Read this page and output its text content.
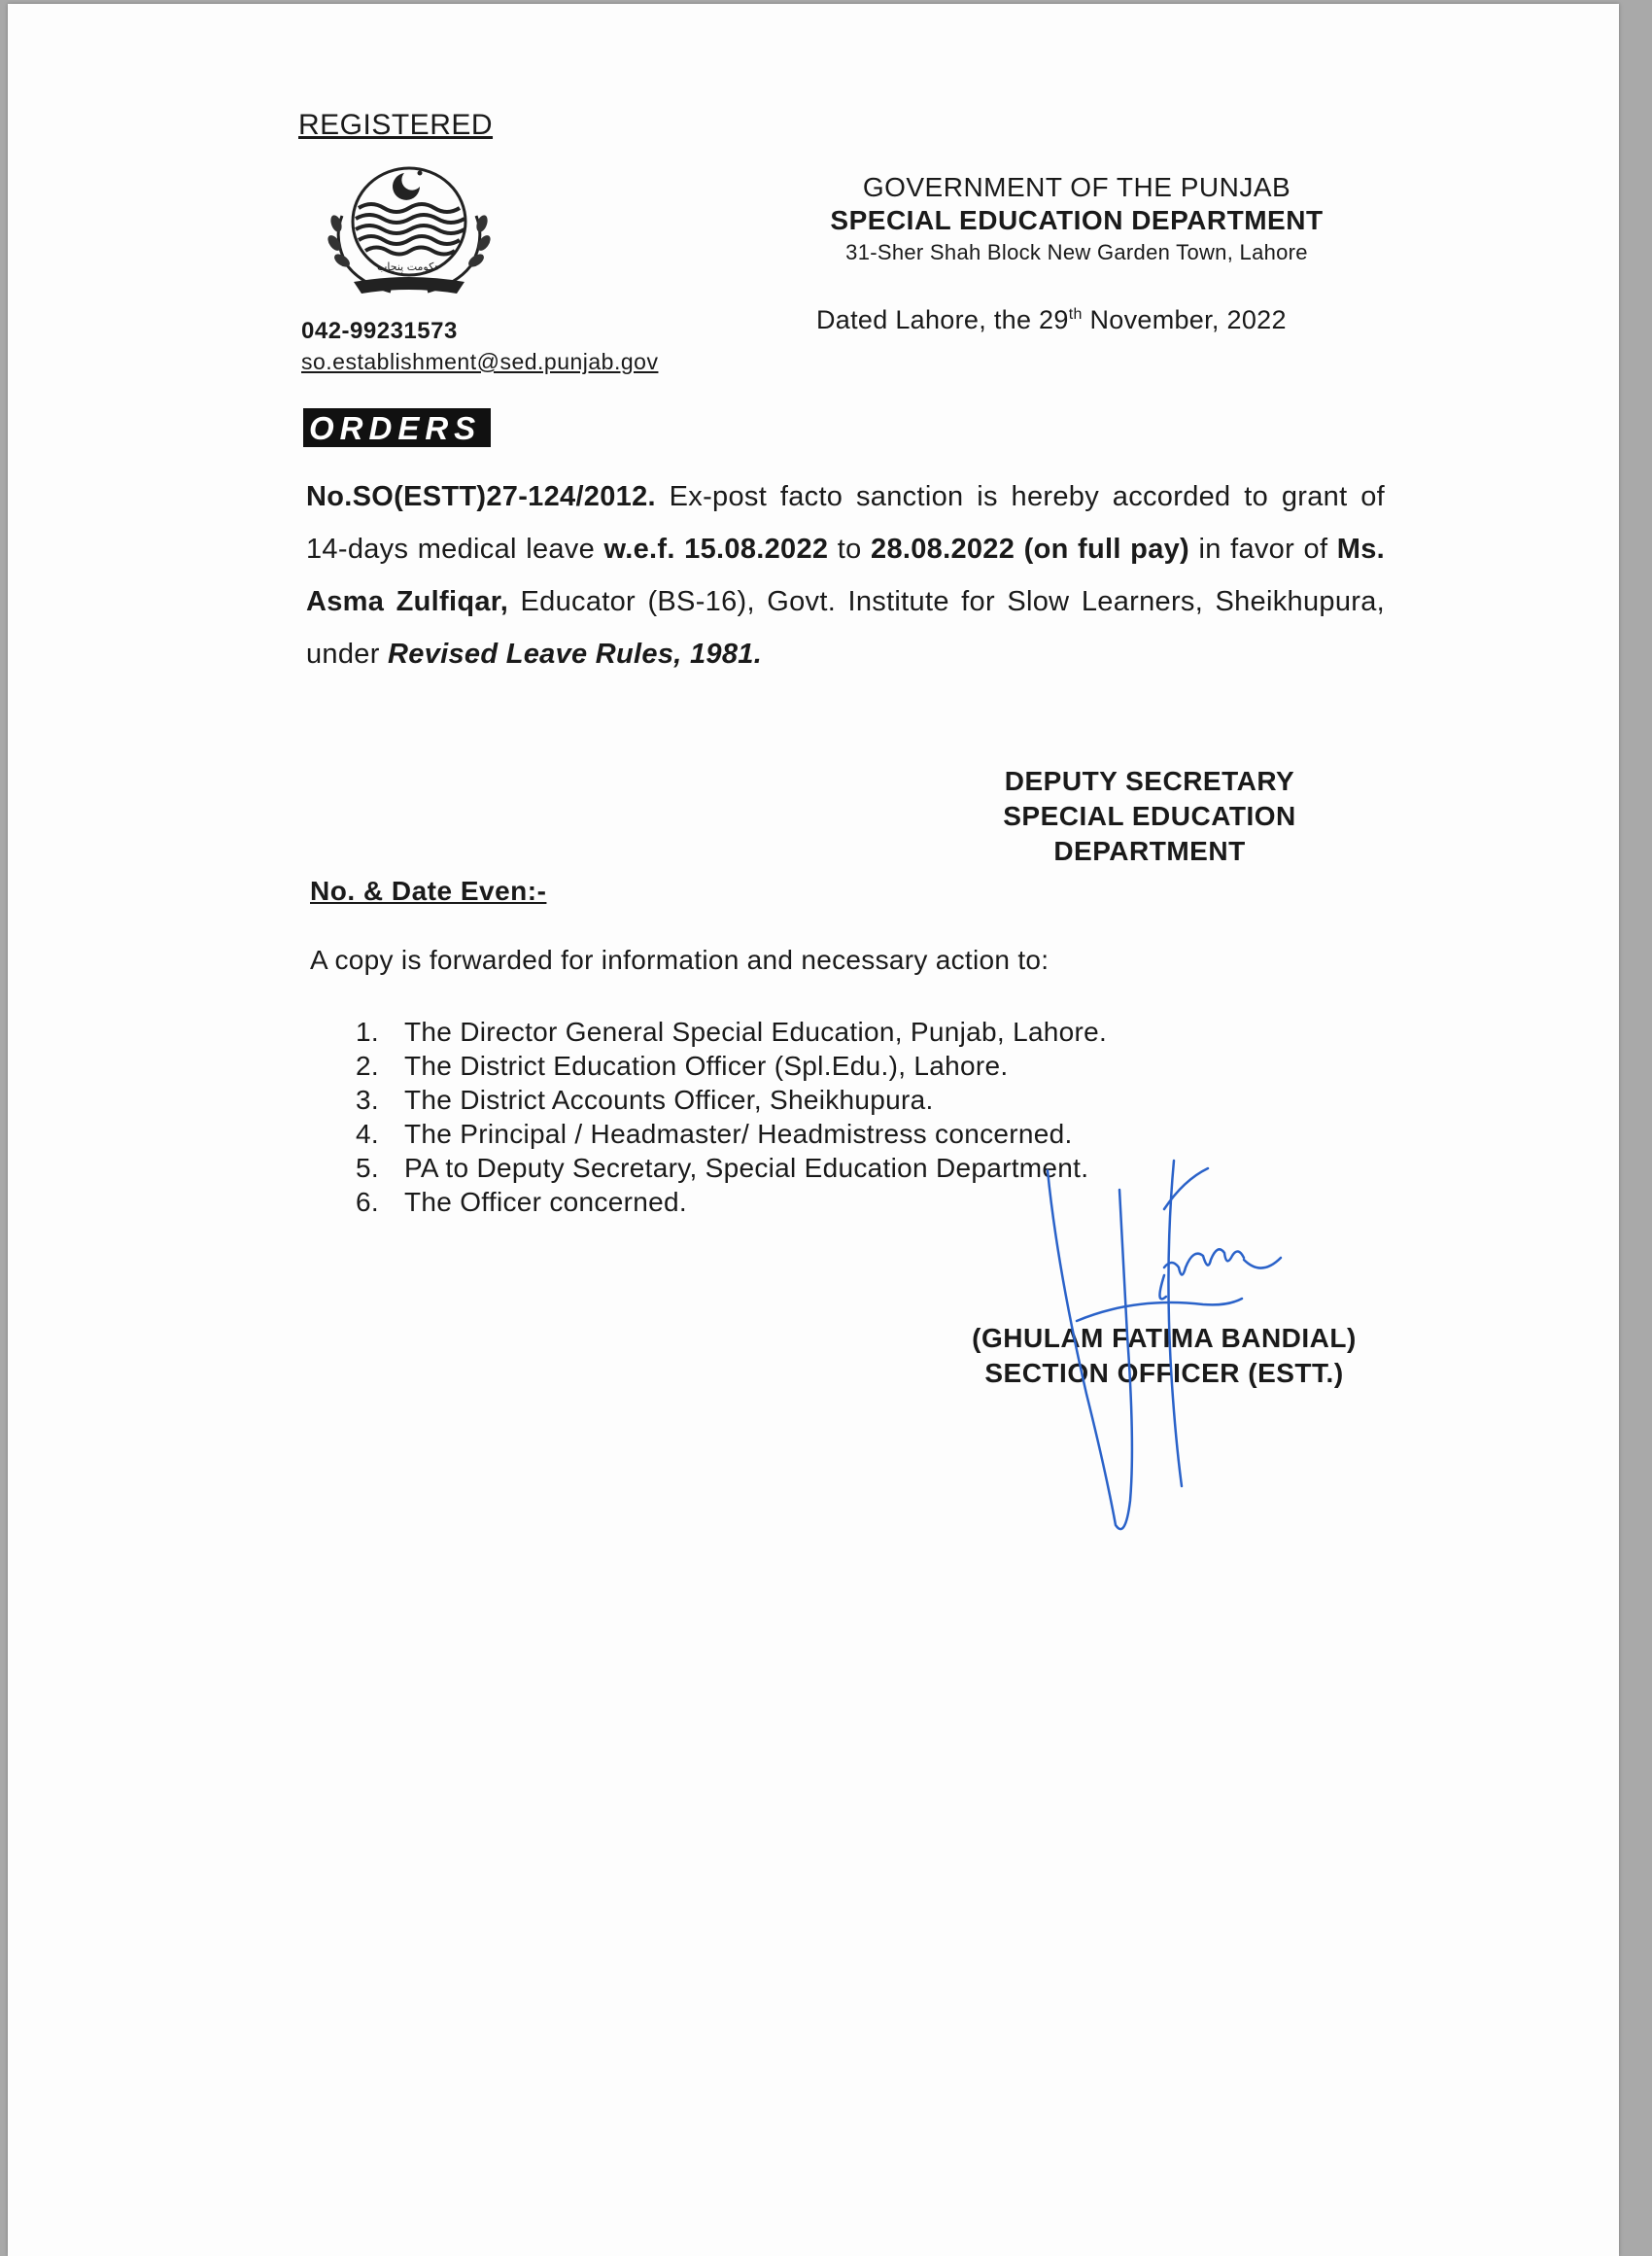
REGISTERED
حکومت پنجاب
042-99231573
so.establishment@sed.punjab.gov
GOVERNMENT OF THE PUNJAB
SPECIAL EDUCATION DEPARTMENT
31-Sher Shah Block New Garden Town, Lahore
Dated Lahore, the 29th November, 2022
ORDERS
No.SO(ESTT)27-124/2012. Ex-post facto sanction is hereby accorded to grant of 14-days medical leave w.e.f. 15.08.2022 to 28.08.2022 (on full pay) in favor of Ms. Asma Zulfiqar, Educator (BS-16), Govt. Institute for Slow Learners, Sheikhupura, under Revised Leave Rules, 1981.
DEPUTY SECRETARY
SPECIAL EDUCATION
DEPARTMENT
No. & Date Even:-
A copy is forwarded for information and necessary action to:
1. The Director General Special Education, Punjab, Lahore.
2. The District Education Officer (Spl.Edu.), Lahore.
3. The District Accounts Officer, Sheikhupura.
4. The Principal / Headmaster/ Headmistress concerned.
5. PA to Deputy Secretary, Special Education Department.
6. The Officer concerned.
(GHULAM FATIMA BANDIAL)
SECTION OFFICER (ESTT.)
